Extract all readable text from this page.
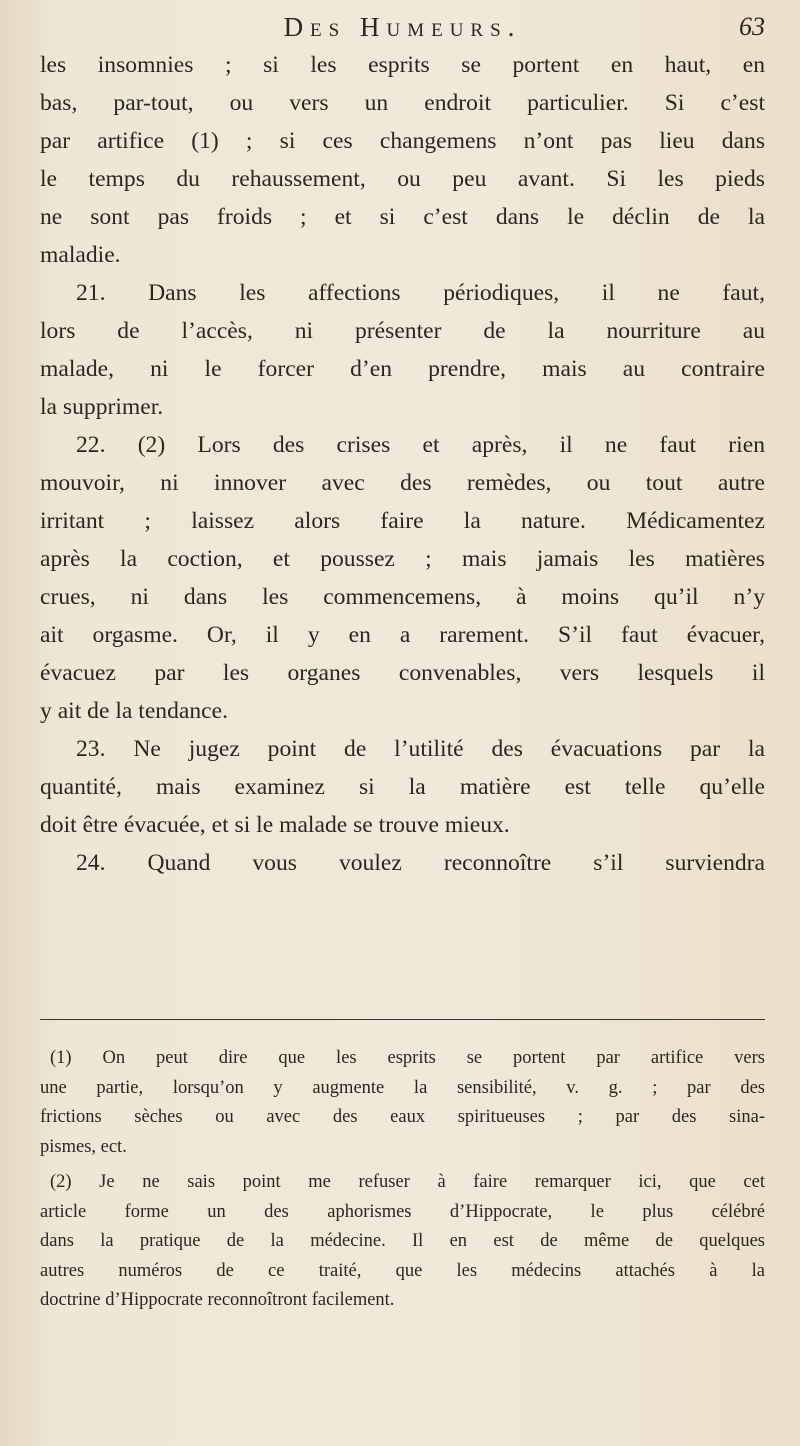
Des Humeurs.	63
les insomnies ; si les esprits se portent en haut, en
bas, par-tout, ou vers un endroit particulier. Si c’est
par artifice (1) ; si ces changemens n’ont pas lieu dans
le temps du rehaussement, ou peu avant. Si les pieds
ne sont pas froids ; et si c’est dans le déclin de la
maladie.
21. Dans les affections périodiques, il ne faut,
lors de l’accès, ni présenter de la nourriture au
malade, ni le forcer d’en prendre, mais au contraire
la supprimer.
22. (2) Lors des crises et après, il ne faut rien
mouvoir, ni innover avec des remèdes, ou tout autre
irritant ; laissez alors faire la nature. Médicamentez
après la coction, et poussez ; mais jamais les matières
crues, ni dans les commencemens, à moins qu’il n’y
ait orgasme. Or, il y en a rarement. S’il faut évacuer,
évacuez par les organes convenables, vers lesquels il
y ait de la tendance.
23. Ne jugez point de l’utilité des évacuations par la
quantité, mais examinez si la matière est telle qu’elle
doit être évacuée, et si le malade se trouve mieux.
24. Quand vous voulez reconnoître s’il surviendra
(1) On peut dire que les esprits se portent par artifice vers
une partie, lorsqu’on y augmente la sensibilité, v. g. ; par des
frictions sèches ou avec des eaux spiritueuses ; par des sina-
pismes, ect.
(2) Je ne sais point me refuser à faire remarquer ici, que cet
article forme un des aphorismes d’Hippocrate, le plus célébré
dans la pratique de la médecine. Il en est de même de quelques
autres numéros de ce traité, que les médecins attachés à la
doctrine d’Hippocrate reconnoîtront facilement.
